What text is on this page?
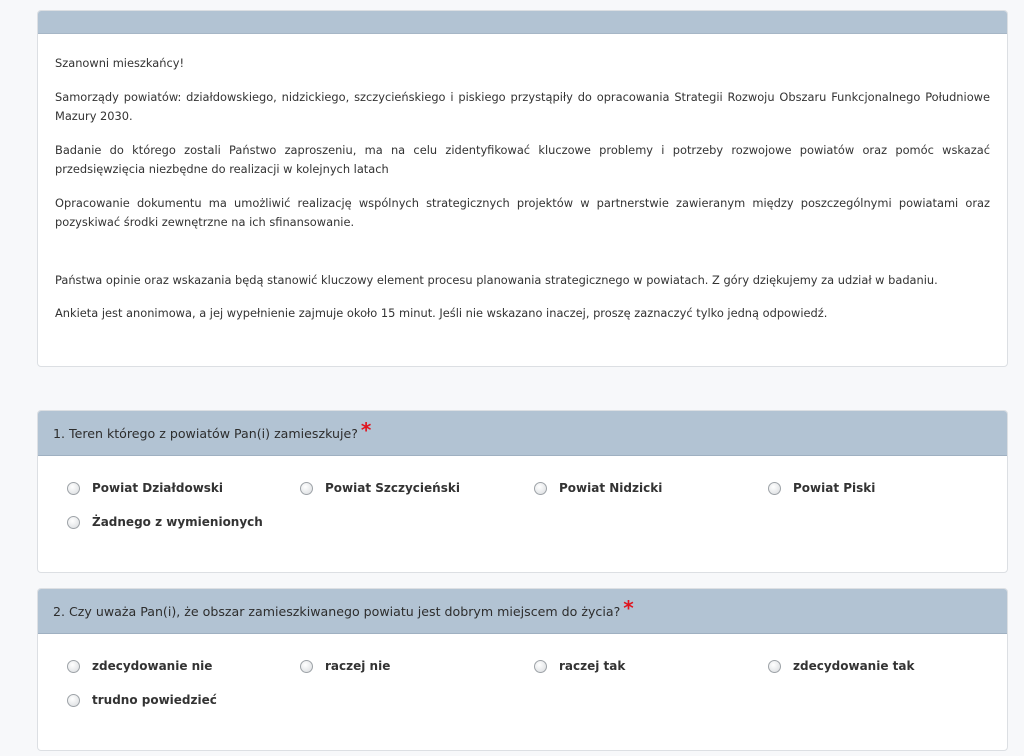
Szanowni mieszkańcy!

Samorządy powiatów: działdowskiego, nidzickiego, szczycieńskiego i piskiego przystąpiły do opracowania Strategii Rozwoju Obszaru Funkcjonalnego Południowe Mazury 2030.

Badanie do którego zostali Państwo zaproszeniu, ma na celu zidentyfikować kluczowe problemy i potrzeby rozwojowe powiatów oraz pomóc wskazać przedsięwzięcia niezbędne do realizacji w kolejnych latach

Opracowanie dokumentu ma umożliwić realizację wspólnych strategicznych projektów w partnerstwie zawieranym między poszczególnymi powiatami oraz pozyskiwać środki zewnętrzne na ich sfinansowanie.

Państwa opinie oraz wskazania będą stanowić kluczowy element procesu planowania strategicznego w powiatach. Z góry dziękujemy za udział w badaniu.

Ankieta jest anonimowa, a jej wypełnienie zajmuje około 15 minut. Jeśli nie wskazano inaczej, proszę zaznaczyć tylko jedną odpowiedź.

1. Teren którego z powiatów Pan(i) zamieszkuje? *
Powiat Działdowski	Powiat Szczycieński	Powiat Nidzicki	Powiat Piski
Żadnego z wymienionych
2. Czy uważa Pan(i), że obszar zamieszkiwanego powiatu jest dobrym miejscem do życia? *
zdecydowanie nie	raczej nie	raczej tak	zdecydowanie tak
trudno powiedzieć
